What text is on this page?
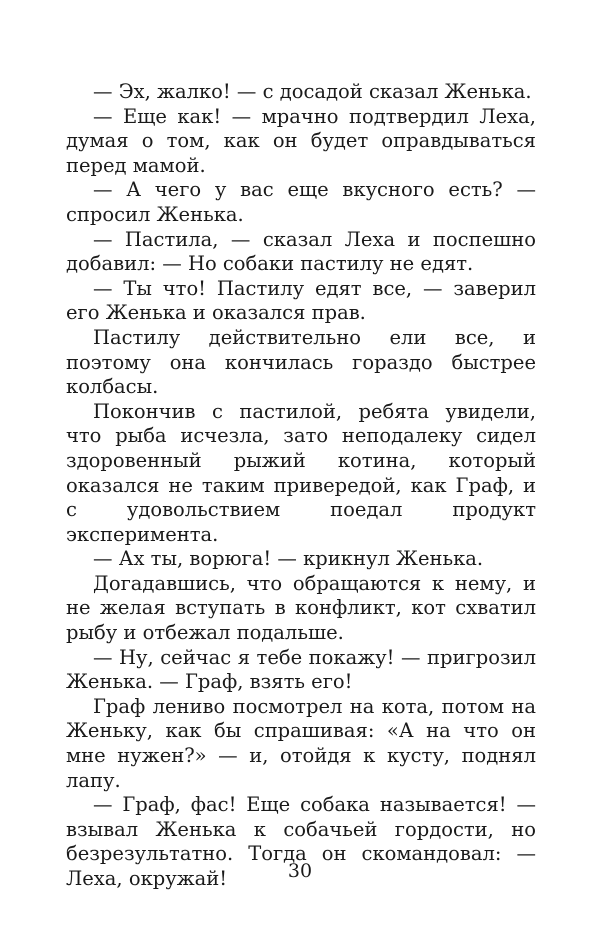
— Эх, жалко! — с досадой сказал Женька.

— Еще как! — мрачно подтвердил Леха, думая о том, как он будет оправдываться перед мамой.

— А чего у вас еще вкусного есть? — спросил Женька.

— Пастила, — сказал Леха и поспешно добавил: — Но собаки пастилу не едят.

— Ты что! Пастилу едят все, — заверил его Женька и оказался прав.

Пастилу действительно ели все, и поэтому она кончилась гораздо быстрее колбасы.

Покончив с пастилой, ребята увидели, что рыба исчезла, зато неподалеку сидел здоровенный рыжий котина, который оказался не таким привередой, как Граф, и с удовольствием поедал продукт эксперимента.

— Ах ты, ворюга! — крикнул Женька.

Догадавшись, что обращаются к нему, и не желая вступать в конфликт, кот схватил рыбу и отбежал подальше.

— Ну, сейчас я тебе покажу! — пригрозил Женька. — Граф, взять его!

Граф лениво посмотрел на кота, потом на Женьку, как бы спрашивая: «А на что он мне нужен?» — и, отойдя к кусту, поднял лапу.

— Граф, фас! Еще собака называется! — взывал Женька к собачьей гордости, но безрезультатно. Тогда он скомандовал: — Леха, окружай!	30
